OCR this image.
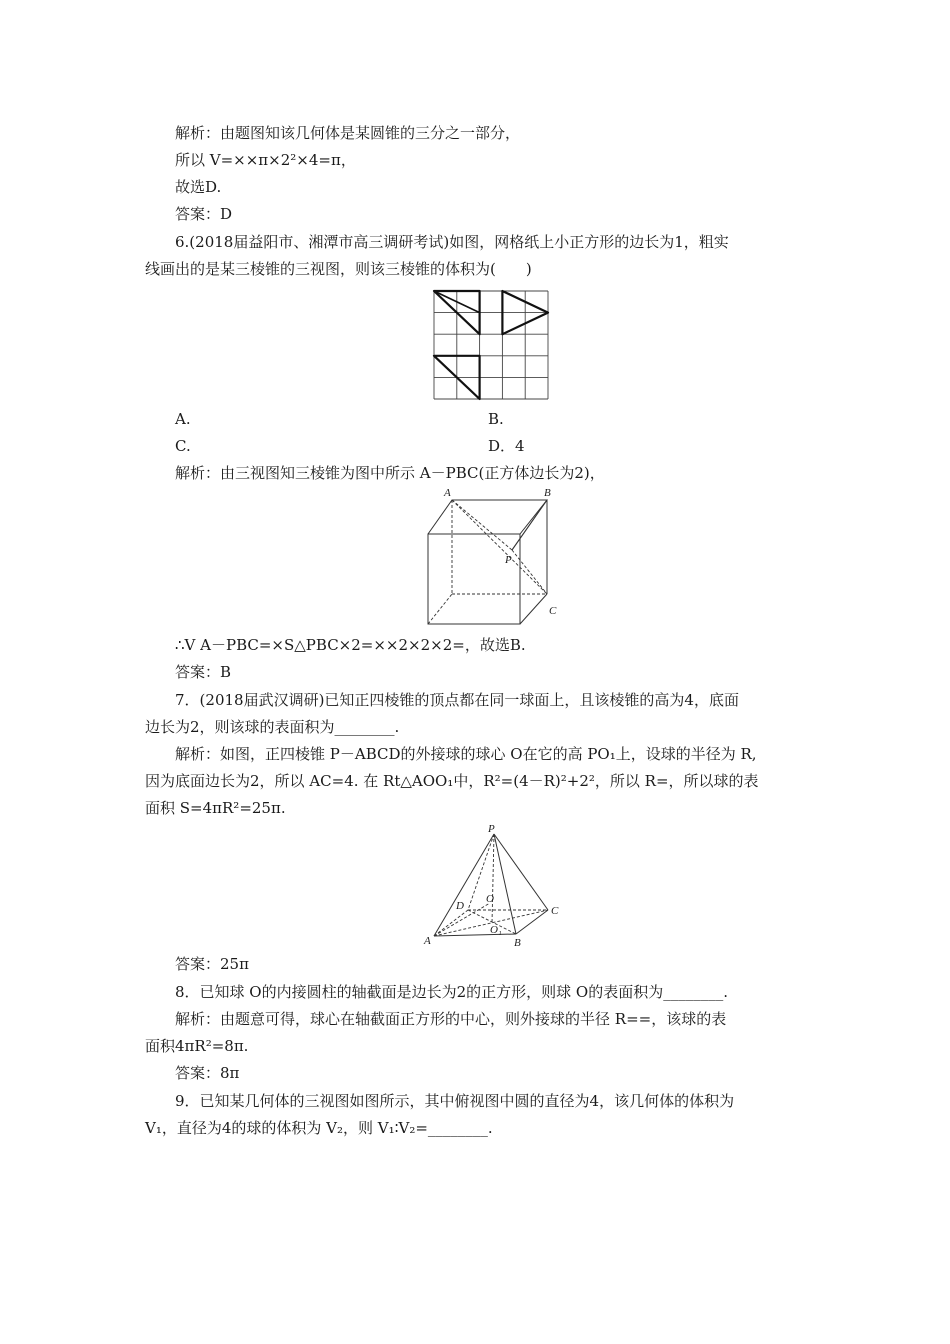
解析：由题图知该几何体是某圆锥的三分之一部分，
所以 V=××π×2²×4=π，
故选D.
答案：D
6.(2018届益阳市、湘潭市高三调研考试)如图，网格纸上小正方形的边长为1，粗实
线画出的是某三棱锥的三视图，则该三棱锥的体积为(　　)
A.	B.
C.	D．4
解析：由三视图知三棱锥为图中所示 A－PBC(正方体边长为2)，
A	B
P
C
∴V A－PBC=×S△PBC×2=××2×2×2=，故选B.
答案：B
7．(2018届武汉调研)已知正四棱锥的顶点都在同一球面上，且该棱锥的高为4，底面
边长为2，则该球的表面积为________.
解析：如图，正四棱锥 P－ABCD的外接球的球心 O在它的高 PO₁上，设球的半径为 R,
因为底面边长为2，所以 AC=4. 在 Rt△AOO₁中，R²=(4－R)²+2²，所以 R=，所以球的表
面积 S=4πR²=25π.
P
D
O
C
O₁
A	B
答案：25π
8．已知球 O的内接圆柱的轴截面是边长为2的正方形，则球 O的表面积为________.
解析：由题意可得，球心在轴截面正方形的中心，则外接球的半径 R==，该球的表
面积4πR²=8π.
答案：8π
9．已知某几何体的三视图如图所示，其中俯视图中圆的直径为4，该几何体的体积为
V₁，直径为4的球的体积为 V₂，则 V₁∶V₂=________.
